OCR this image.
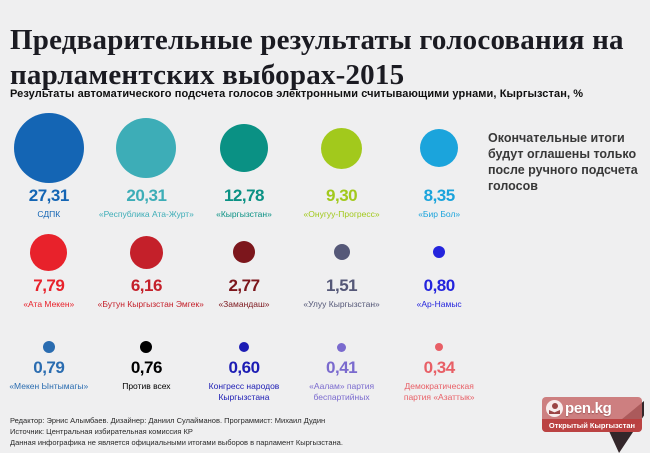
Предварительные результаты голосования на парламентских выборах-2015
Результаты автоматического подсчета голосов электронными считывающими урнами, Кыргызстан, %
Окончательные итоги будут оглашены только после ручного подсчета голосов
27,31
СДПК
20,31
«Республика Ата-Журт»
12,78
«Кыргызстан»
9,30
«Онугуу-Прогресс»
8,35
«Бир Бол»
7,79
«Ата Мекен»
6,16
«Бутун Кыргызстан Эмгек»
2,77
«Замандаш»
1,51
«Улуу Кыргызстан»
0,80
«Ар-Намыс
0,79
«Мекен Ынтымагы»
0,76
Против всех
0,60
Конгресс народов Кыргызстана
0,41
«Аалам» партия беспартийных
0,34
Демократическая партия «Азаттык»
Редактор: Эрнис Алымбаев. Дизайнер: Даниил Сулайманов. Программист: Михаил Дудин
Источник: Центральная избирательная комиссия КР
Данная инфографика не является официальными итогами выборов в парламент Кыргызстана.
pen.kg
Открытый Кыргызстан
